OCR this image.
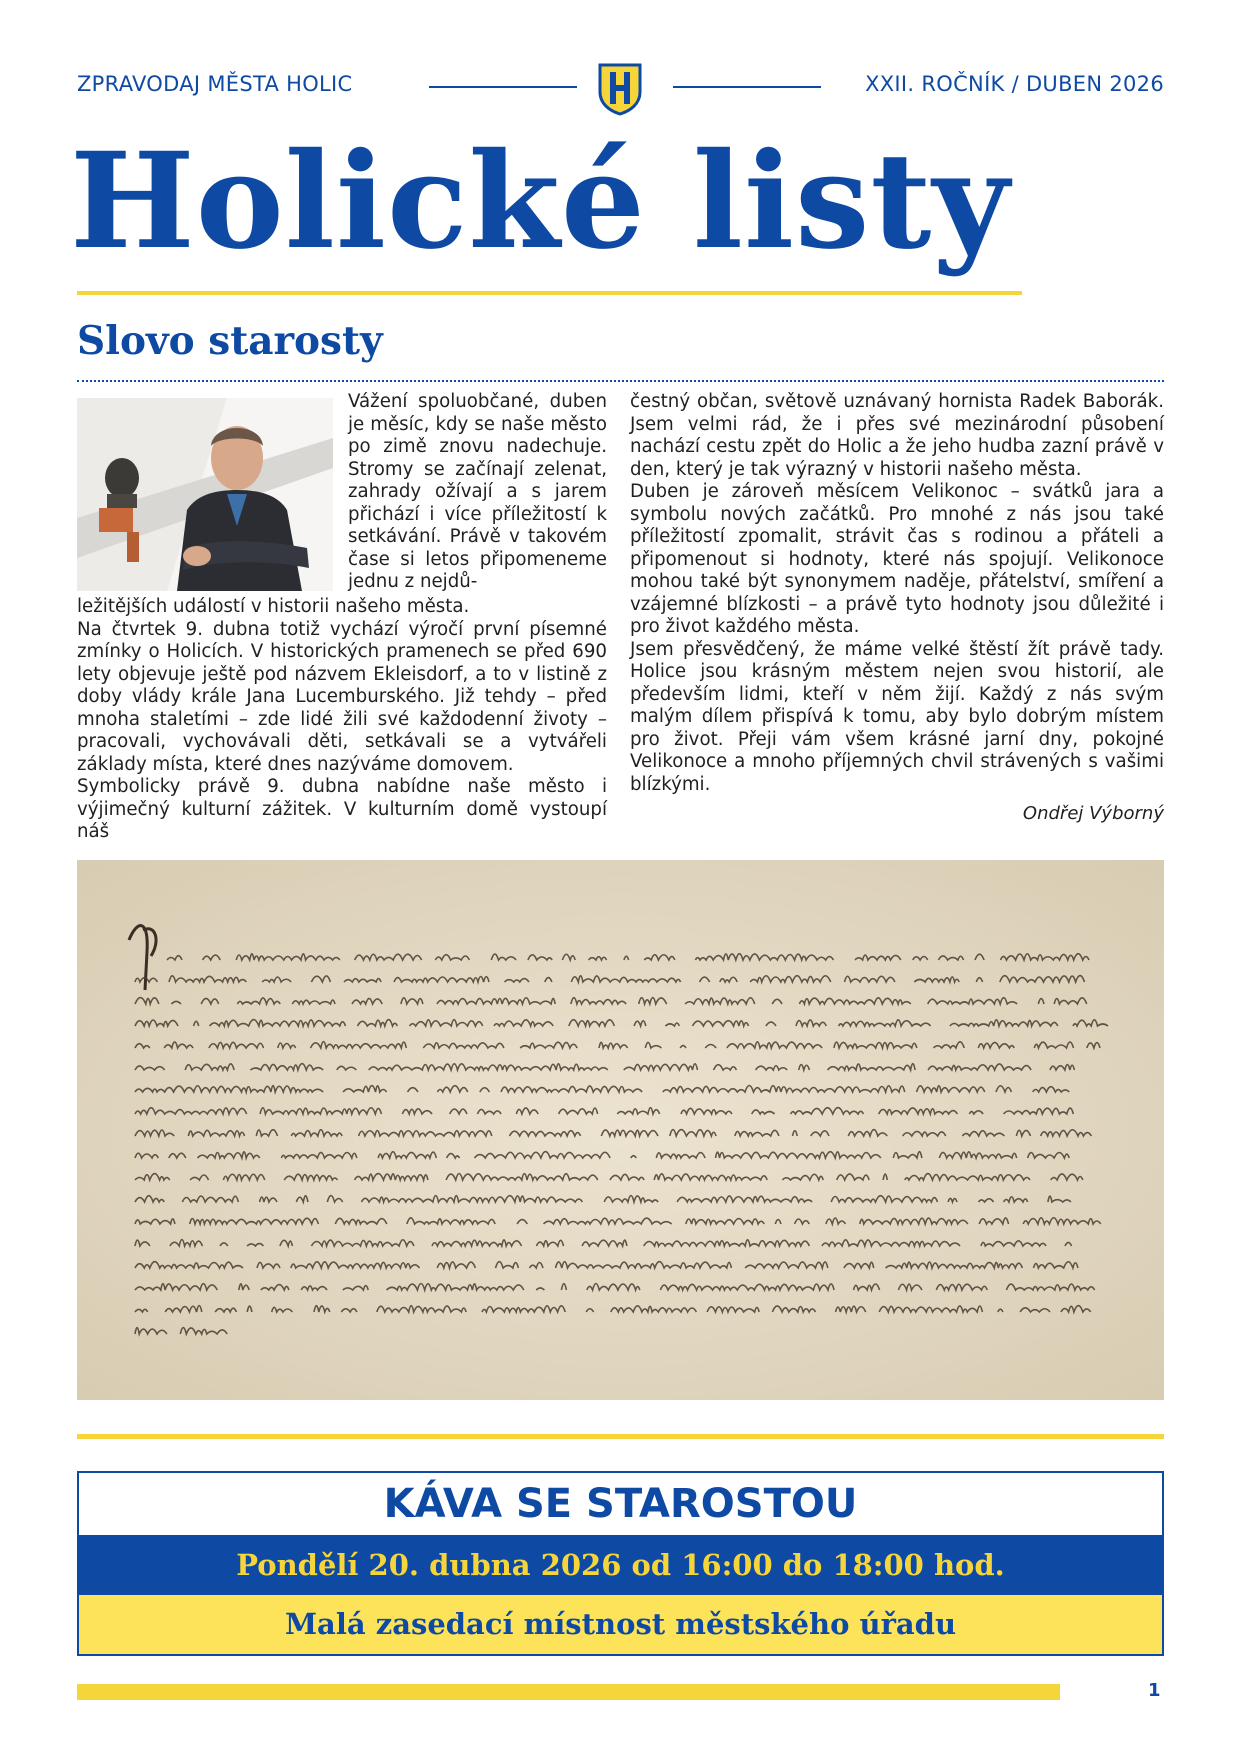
ZPRAVODAJ MĚSTA HOLIC	XXII. ROČNÍK / DUBEN 2026
Holické listy
Slovo starosty

Vážení spoluobčané, duben je měsíc, kdy se naše město po zimě znovu nadechuje. Stromy se začínají zelenat, zahrady ožívají a s jarem přichází i více příležitostí k setkávání. Právě v takovém čase si letos připomeneme jednu z nejdů-

ležitějších událostí v historii našeho města.

Na čtvrtek 9. dubna totiž vychází výročí první písemné zmínky o Holicích. V historických pramenech se před 690 lety objevuje ještě pod názvem Ekleisdorf, a to v listině z doby vlády krále Jana Lucemburského. Již tehdy – před mnoha staletími – zde lidé žili své každodenní životy – pracovali, vychovávali děti, setkávali se a vytvářeli základy místa, které dnes nazýváme domovem.

Symbolicky právě 9. dubna nabídne naše město i výjimečný kulturní zážitek. V kulturním domě vystoupí náš

čestný občan, světově uznávaný hornista Radek Baborák. Jsem velmi rád, že i přes své mezinárodní působení nachází cestu zpět do Holic a že jeho hudba zazní právě v den, který je tak výrazný v historii našeho města.

Duben je zároveň měsícem Velikonoc – svátků jara a symbolu nových začátků. Pro mnohé z nás jsou také příležitostí zpomalit, strávit čas s rodinou a přáteli a připomenout si hodnoty, které nás spojují. Velikonoce mohou také být synonymem naděje, přátelství, smíření a vzájemné blízkosti – a právě tyto hodnoty jsou důležité i pro život každého města.

Jsem přesvědčený, že máme velké štěstí žít právě tady. Holice jsou krásným městem nejen svou historií, ale především lidmi, kteří v něm žijí. Každý z nás svým malým dílem přispívá k tomu, aby bylo dobrým místem pro život. Přeji vám všem krásné jarní dny, pokojné Velikonoce a mnoho příjemných chvil strávených s vašimi blízkými.

Ondřej Výborný
KÁVA SE STAROSTOU
Pondělí 20. dubna 2026 od 16:00 do 18:00 hod.
Malá zasedací místnost městského úřadu
1
